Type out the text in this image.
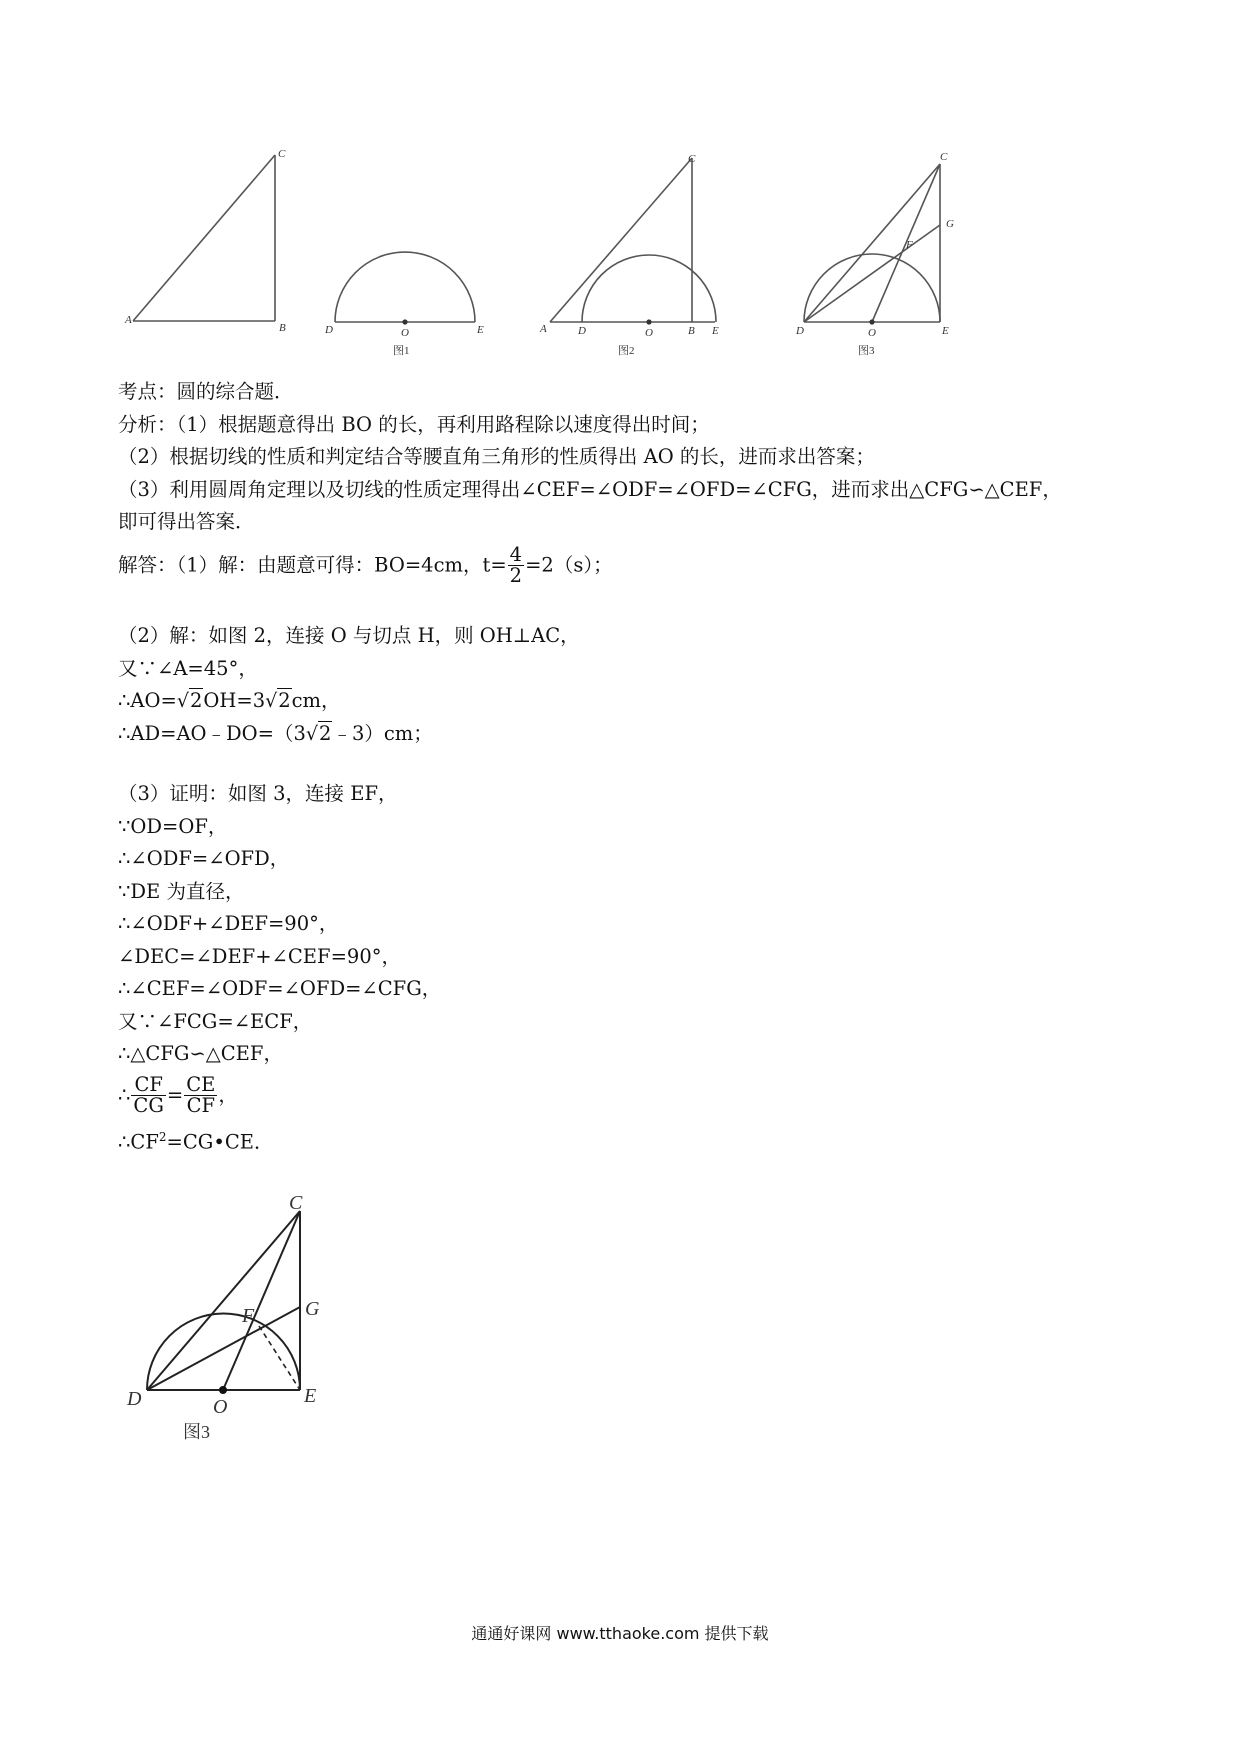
A
B
C
D	O	E
图1
A	D	O	B E
C
图2
D	O	E
C
G
F
图3
考点：圆的综合题．
分析：（1）根据题意得出 BO 的长，再利用路程除以速度得出时间；
（2）根据切线的性质和判定结合等腰直角三角形的性质得出 AO 的长，进而求出答案；
（3）利用圆周角定理以及切线的性质定理得出∠CEF=∠ODF=∠OFD=∠CFG，进而求出△CFG∽△CEF，
即可得出答案．
解答：（1）解：由题意可得：BO=4cm，$t= \frac{4}{2} =2(s)$；
（2）解：如图 2，连接 O 与切点 H，则 OH⊥AC，
又∵∠A=45°，
∴AO=√2OH=3√2cm，
∴AD=AO﹣DO=（3√2﹣3）cm；
（3）证明：如图 3，连接 EF，
∵OD=OF，
∴∠ODF=∠OFD，
∵DE 为直径，
∴∠ODF+∠DEF=90°，
∠DEC=∠DEF+∠CEF=90°，
∴∠CEF=∠ODF=∠OFD=∠CFG，
又∵∠FCG=∠ECF，
∴△CFG∽△CEF，
∴ $\frac{CF}{CG} = \frac{CE}{CF}$ ，
$\therefore CF^2=CG•CE$．
C
G
F
D	O	E
图3
通通好课网 www.tthaoke.com 提供下载
